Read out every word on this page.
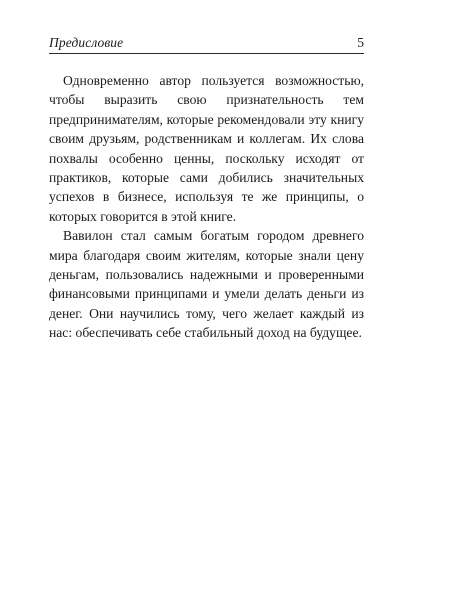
Предисловие	5

Одновременно автор пользуется возможностью, чтобы выразить свою признательность тем предпринимателям, которые рекомендовали эту книгу своим друзьям, родственникам и коллегам. Их слова похвалы особенно ценны, поскольку исходят от практиков, которые сами добились значительных успехов в бизнесе, используя те же принципы, о которых говорится в этой книге.

Вавилон стал самым богатым городом древнего мира благодаря своим жителям, которые знали цену деньгам, пользовались надежными и проверенными финансовыми принципами и умели делать деньги из денег. Они научились тому, чего желает каждый из нас: обеспечивать себе стабильный доход на будущее.
